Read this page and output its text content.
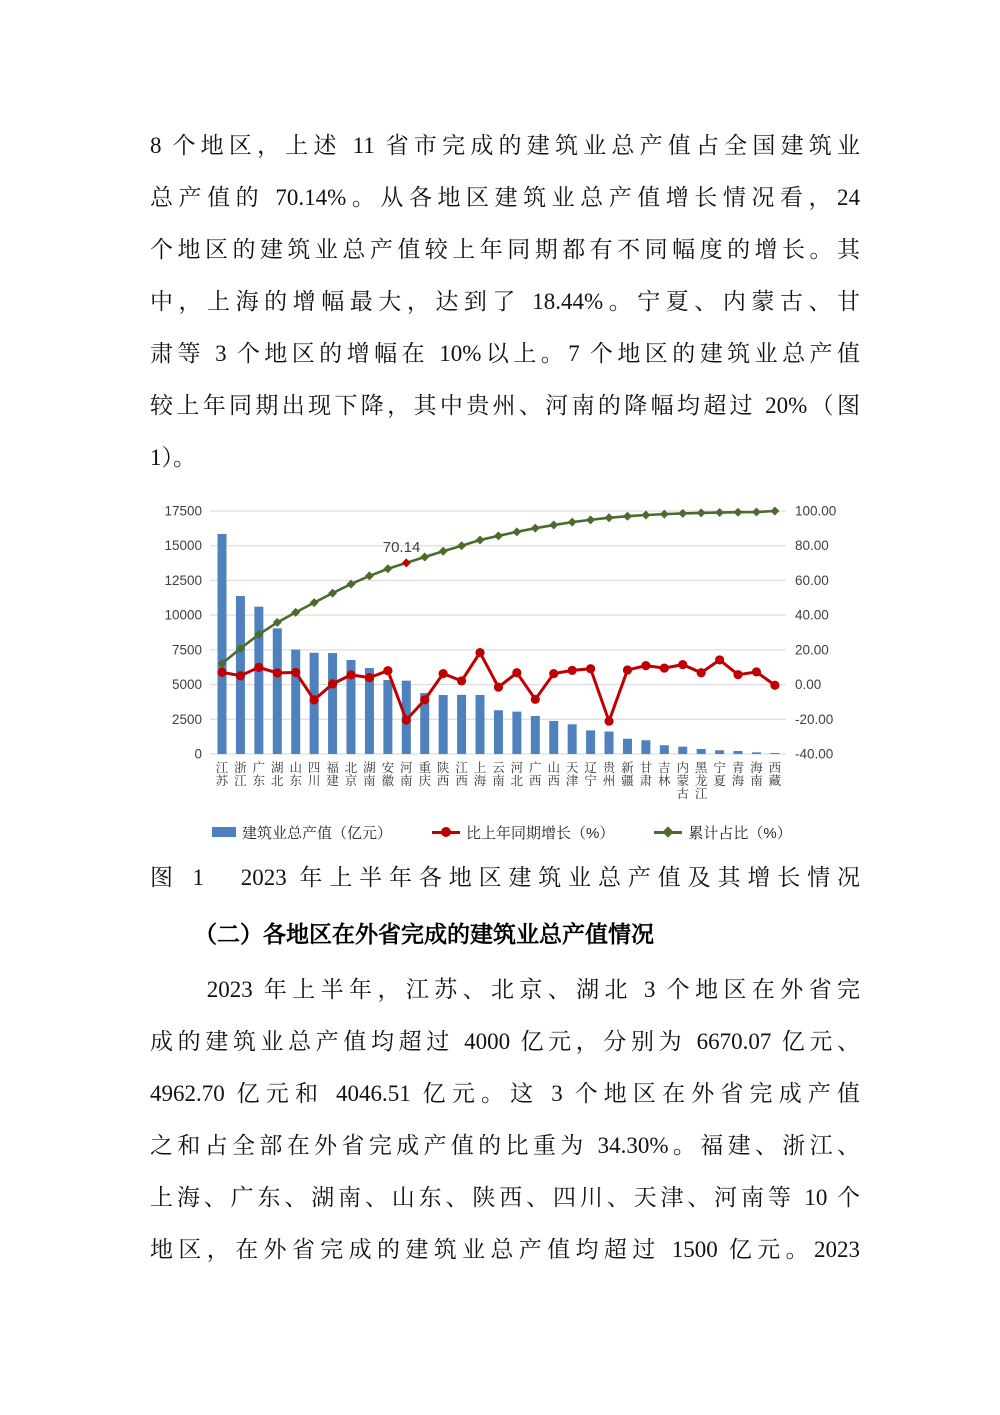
8 个地区，上述 11 省市完成的建筑业总产值占全国建筑业
总产值的 70.14%。从各地区建筑业总产值增长情况看，24
个地区的建筑业总产值较上年同期都有不同幅度的增长。其
中，上海的增幅最大，达到了 18.44%。宁夏、内蒙古、甘
肃等 3 个地区的增幅在 10%以上。7 个地区的建筑业总产值
较上年同期出现下降，其中贵州、河南的降幅均超过 20%（图
1）。
17500	100.00
15000	80.00
12500	60.00
10000	40.00
7500	20.00
5000	0.00
2500	-20.00
0	-40.00
70.14
江
苏
浙
江
广
东
湖
北
山
东
四
川
福
建
北
京
湖
南
安
徽
河
南
重
庆
陕
西
江
西
上
海
云
南
河
北
广
西
山
西
天
津
辽
宁
贵
州
新
疆
甘
肃
吉
林
内
蒙
古
黑
龙
江
宁
夏
青
海
海
南
西
藏
建筑业总产值（亿元）	比上年同期增长（%）	累计占比（%）
图 1　2023 年上半年各地区建筑业总产值及其增长情况
（二）各地区在外省完成的建筑业总产值情况
　　2023 年上半年，江苏、北京、湖北 3 个地区在外省完
成的建筑业总产值均超过 4000 亿元，分别为 6670.07 亿元、
4962.70 亿元和 4046.51 亿元。这 3 个地区在外省完成产值
之和占全部在外省完成产值的比重为 34.30%。福建、浙江、
上海、广东、湖南、山东、陕西、四川、天津、河南等 10 个
地区，在外省完成的建筑业总产值均超过 1500 亿元。2023
